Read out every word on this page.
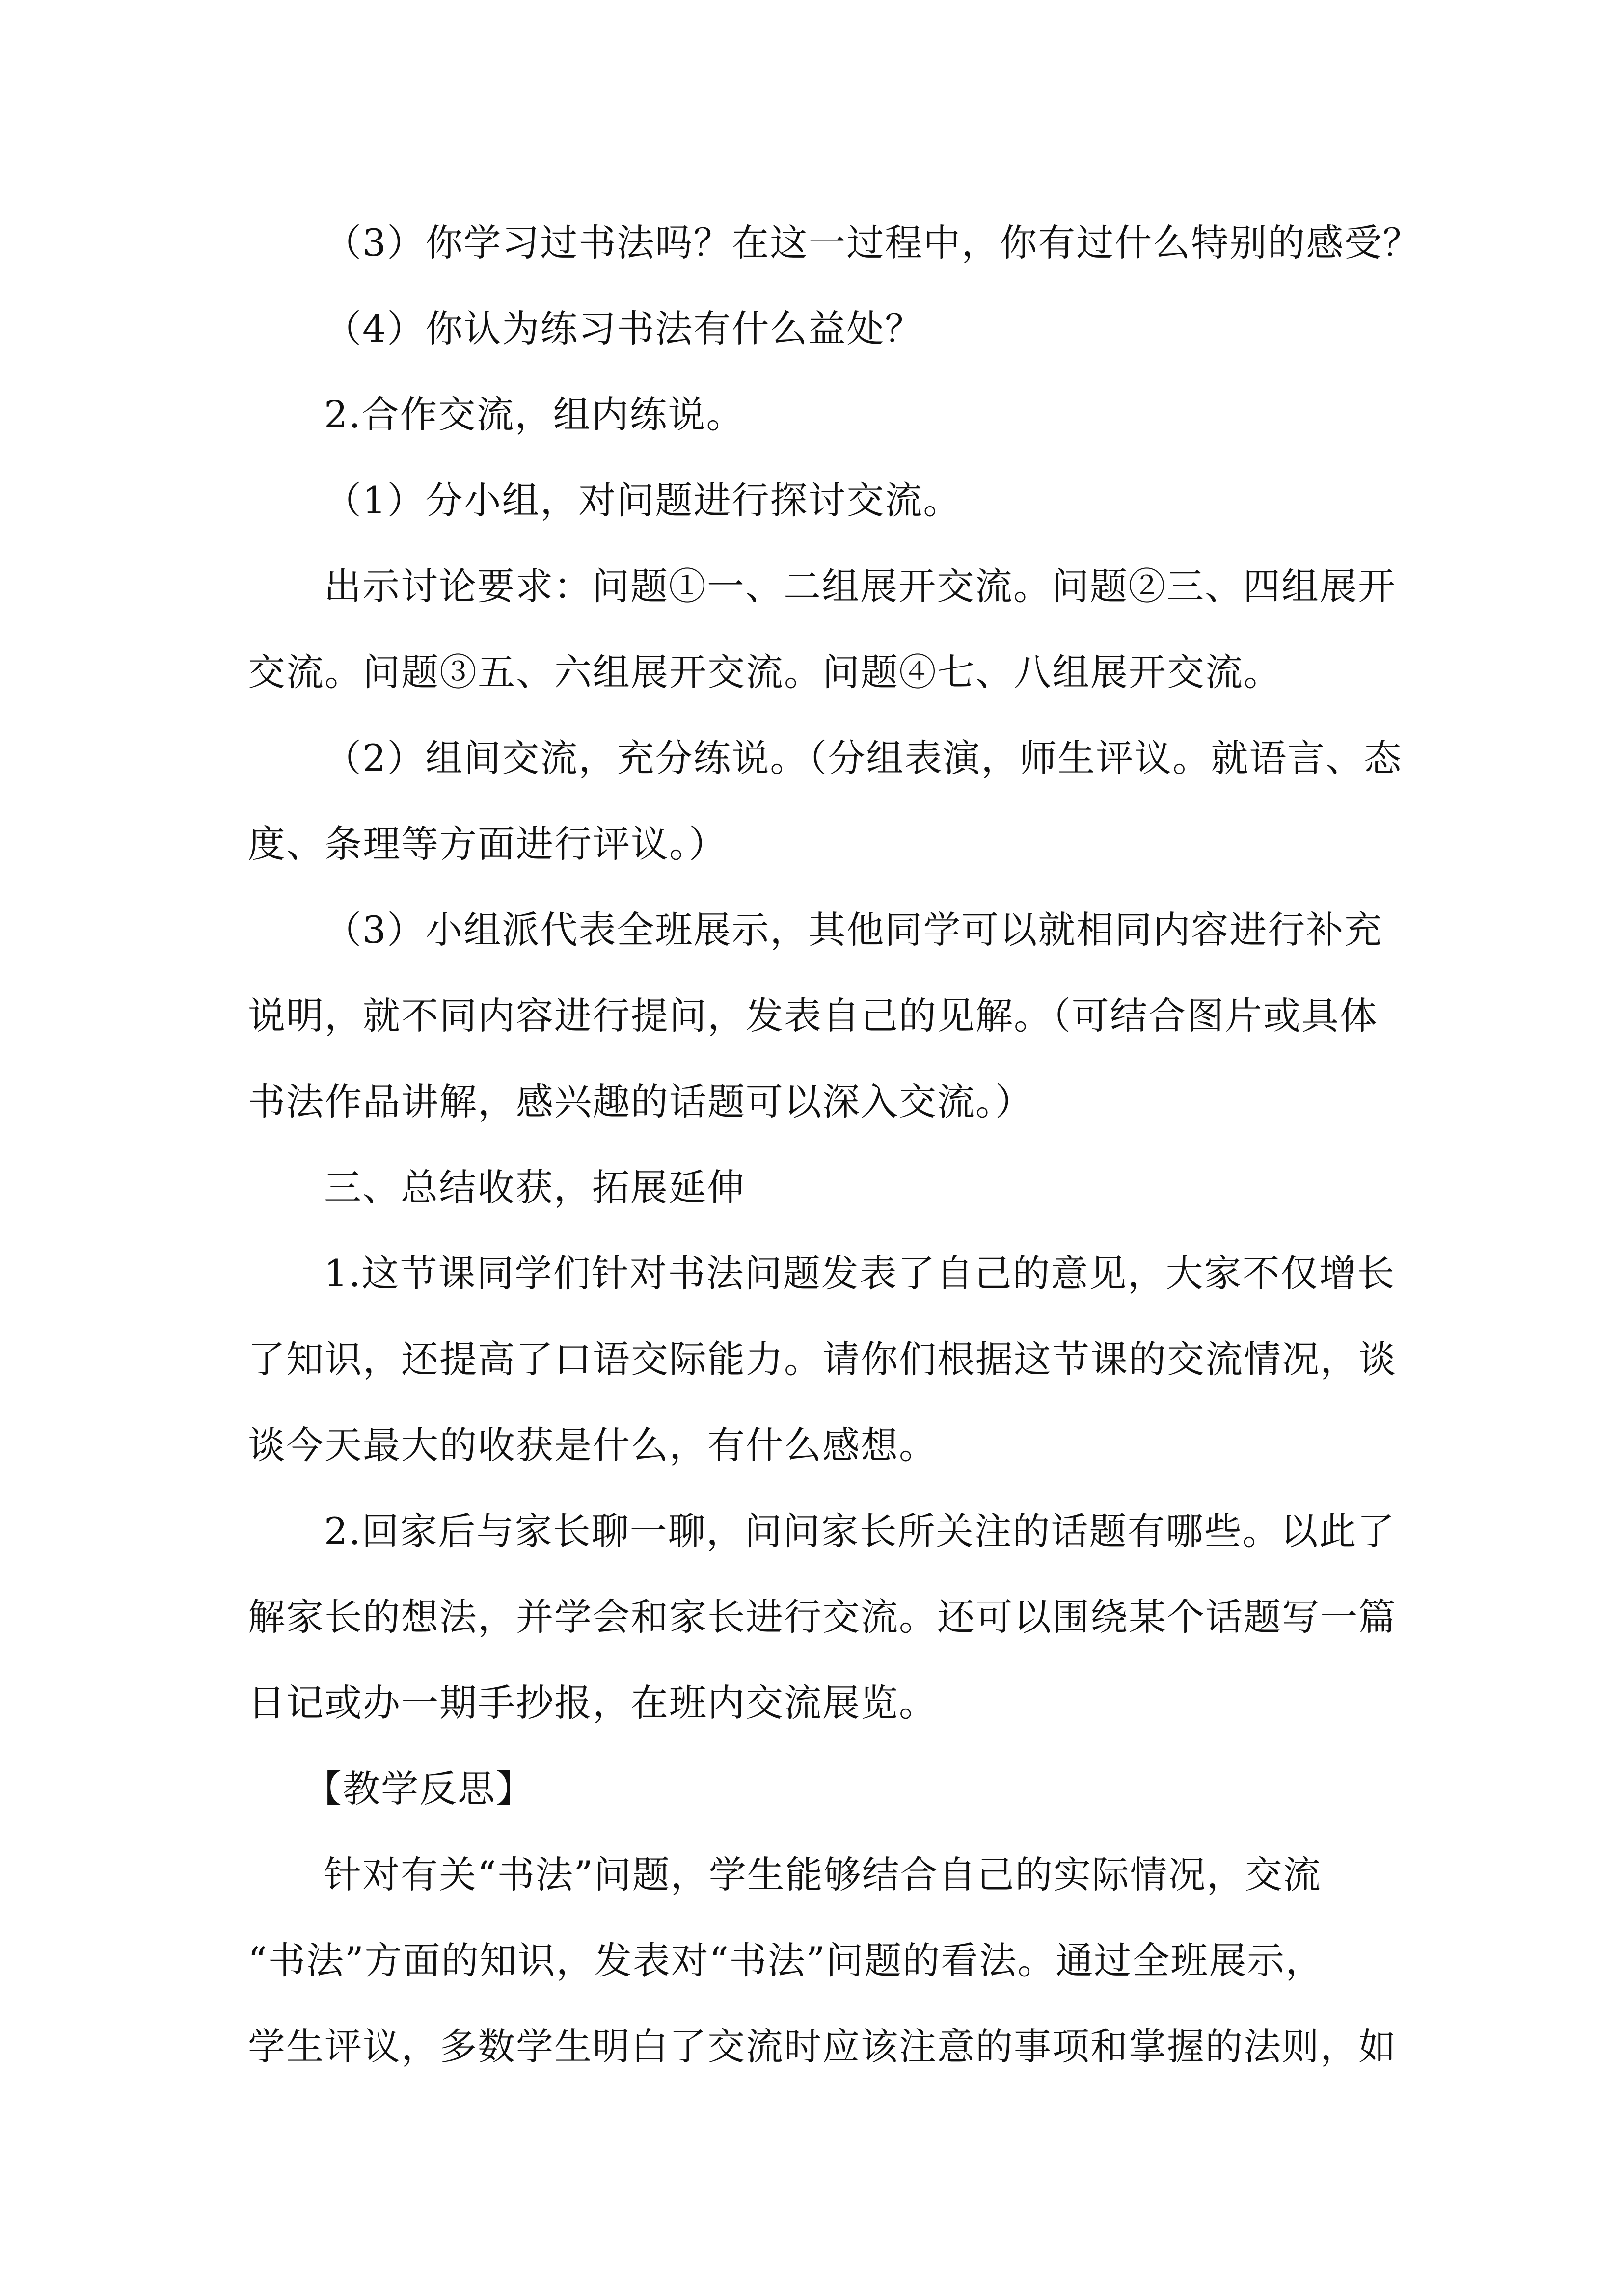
（3）你学习过书法吗？在这一过程中，你有过什么特别的感受？
（4）你认为练习书法有什么益处？
2.合作交流，组内练说。
（1）分小组，对问题进行探讨交流。
出示讨论要求：问题①一、二组展开交流。问题②三、四组展开
交流。问题③五、六组展开交流。问题④七、八组展开交流。
（2）组间交流，充分练说。（分组表演，师生评议。就语言、态
度、条理等方面进行评议。）
（3）小组派代表全班展示，其他同学可以就相同内容进行补充
说明，就不同内容进行提问，发表自己的见解。（可结合图片或具体
书法作品讲解，感兴趣的话题可以深入交流。）
三、总结收获，拓展延伸
1.这节课同学们针对书法问题发表了自己的意见，大家不仅增长
了知识，还提高了口语交际能力。请你们根据这节课的交流情况，谈
谈今天最大的收获是什么，有什么感想。
2.回家后与家长聊一聊，问问家长所关注的话题有哪些。以此了
解家长的想法，并学会和家长进行交流。还可以围绕某个话题写一篇
日记或办一期手抄报，在班内交流展览。
【教学反思】
针对有关“书法”问题，学生能够结合自己的实际情况，交流
“书法”方面的知识，发表对“书法”问题的看法。通过全班展示，
学生评议，多数学生明白了交流时应该注意的事项和掌握的法则，如
